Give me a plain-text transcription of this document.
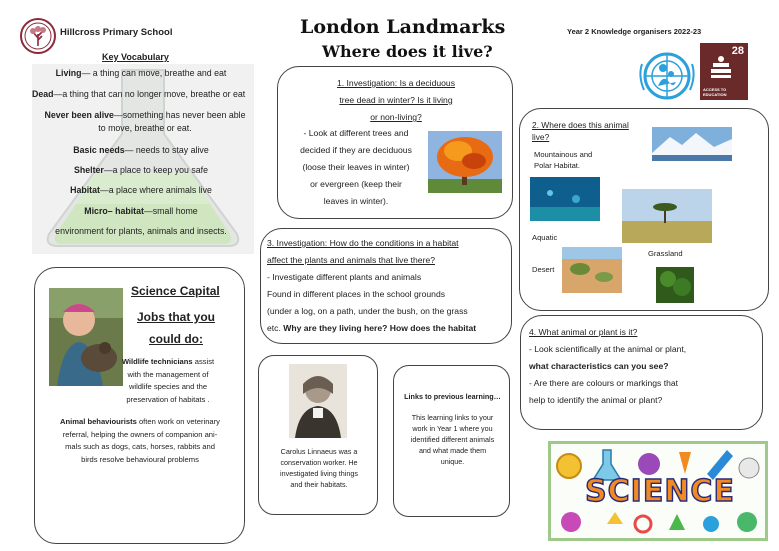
Hillcross Primary School	London Landmarks
Where does it live?
Year 2 Knowledge organisers 2022-23
28
ACCESS TO EDUCATION
Key Vocabulary
Living— a thing can move, breathe and eat
Dead—a thing that can no longer move, breathe or eat
Never been alive—something has never been able to move, breathe or eat.
Basic needs— needs to stay alive
Shelter—a place to keep you safe
Habitat—a place where animals live
Micro– habitat—small home
environment for plants, animals and insects.
1. Investigation: Is a deciduous
tree dead in winter? Is it living
or non-living?
- Look at different trees and
decided if they are deciduous
(loose their leaves in winter)
or evergreen (keep their
leaves in winter).
2. Where does this animal
live?
Mountainous and
Polar Habitat.
Aquatic
Grassland
Desert
3. Investigation: How do the conditions in a habitat
affect the plants and animals that live there?
- Investigate different plants and animals
Found in different places in the school grounds
(under a log, on a path, under the bush, on the grass
etc. Why are they living here? How does the habitat	4. What animal or plant is it?
- Look scientifically at the animal or plant,
what characteristics can you see?
- Are there are colours or markings that
help to identify the animal or plant?
Science Capital
Jobs that you
could do:
Wildlife technicians assist
with the management of
wildlife species and the
preservation of habitats .
Animal behaviourists often work on veterinary
referral, helping the owners of companion ani-
mals such as dogs, cats, horses, rabbits and
birds resolve behavioural problems
Carolus Linnaeus was a
conservation worker. He
investigated living things
and their habitats.
Links to previous learning…
This learning links to your
work in Year 1 where you
identified different animals
and what made them
unique.
SCIENCE
